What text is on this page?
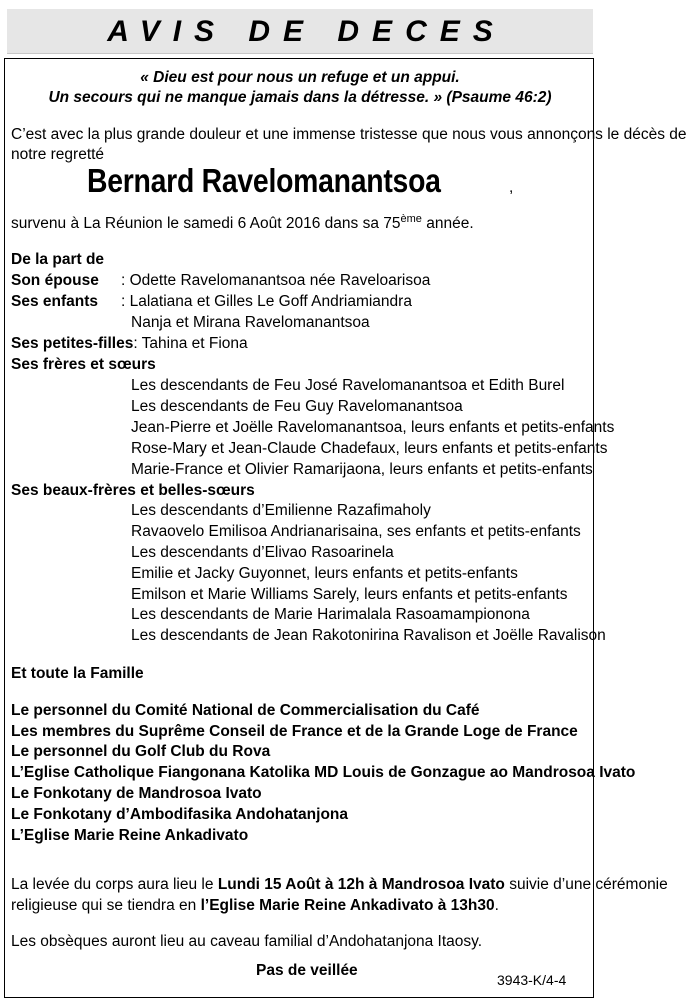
AVIS DE DECES
« Dieu est pour nous un refuge et un appui.
Un secours qui ne manque jamais dans la détresse. » (Psaume 46:2)
C’est avec la plus grande douleur et une immense tristesse que nous vous annonçons le décès de
notre regretté
Bernard Ravelomanantsoa	,
survenu à La Réunion le samedi 6 Août 2016 dans sa 75ème année.
De la part de
Son épouse : Odette Ravelomanantsoa née Raveloarisoa
Ses enfants : Lalatiana et Gilles Le Goff Andriamiandra
Nanja et Mirana Ravelomanantsoa
Ses petites-filles: Tahina et Fiona
Ses frères et sœurs
Les descendants de Feu José Ravelomanantsoa et Edith Burel
Les descendants de Feu Guy Ravelomanantsoa
Jean-Pierre et Joëlle Ravelomanantsoa, leurs enfants et petits-enfants
Rose-Mary et Jean-Claude Chadefaux, leurs enfants et petits-enfants
Marie-France et Olivier Ramarijaona, leurs enfants et petits-enfants
Ses beaux-frères et belles-sœurs
Les descendants d’Emilienne Razafimaholy
Ravaovelo Emilisoa Andrianarisaina, ses enfants et petits-enfants
Les descendants d’Elivao Rasoarinela
Emilie et Jacky Guyonnet, leurs enfants et petits-enfants
Emilson et Marie Williams Sarely, leurs enfants et petits-enfants
Les descendants de Marie Harimalala Rasoamampionona
Les descendants de Jean Rakotonirina Ravalison et Joëlle Ravalison
Et toute la Famille
Le personnel du Comité National de Commercialisation du Café
Les membres du Suprême Conseil de France et de la Grande Loge de France
Le personnel du Golf Club du Rova
L’Eglise Catholique Fiangonana Katolika MD Louis de Gonzague ao Mandrosoa Ivato
Le Fonkotany de Mandrosoa Ivato
Le Fonkotany d’Ambodifasika Andohatanjona
L’Eglise Marie Reine Ankadivato
La levée du corps aura lieu le Lundi 15 Août à 12h à Mandrosoa Ivato suivie d’une cérémonie
religieuse qui se tiendra en l’Eglise Marie Reine Ankadivato à 13h30.
Les obsèques auront lieu au caveau familial d’Andohatanjona Itaosy.
Pas de veillée
3943-K/4-4
